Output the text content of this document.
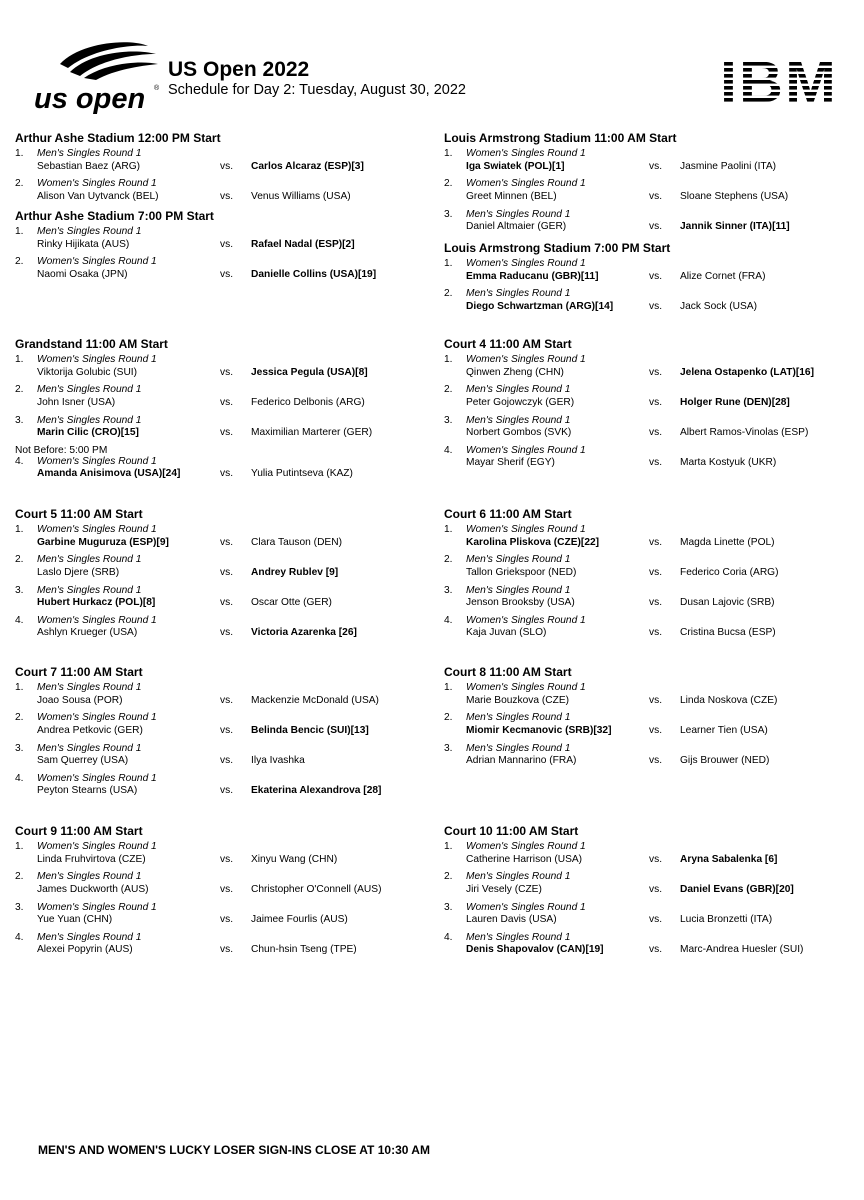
us open ®
US Open 2022
Schedule for Day 2: Tuesday, August 30, 2022	IBM
Arthur Ashe Stadium 12:00 PM Start
1. Men's Singles Round 1
Sebastian Baez (ARG)	vs. Carlos Alcaraz (ESP)[3]
2. Women's Singles Round 1
Alison Van Uytvanck (BEL)	vs. Venus Williams (USA)
Arthur Ashe Stadium 7:00 PM Start
1. Men's Singles Round 1
Rinky Hijikata (AUS)	vs. Rafael Nadal (ESP)[2]
2. Women's Singles Round 1
Naomi Osaka (JPN)	vs. Danielle Collins (USA)[19]
Grandstand 11:00 AM Start
1. Women's Singles Round 1
Viktorija Golubic (SUI)	vs. Jessica Pegula (USA)[8]
2. Men's Singles Round 1
John Isner (USA)	vs. Federico Delbonis (ARG)
3. Men's Singles Round 1
Marin Cilic (CRO)[15]	vs. Maximilian Marterer (GER)
Not Before: 5:00 PM
4. Women's Singles Round 1
Amanda Anisimova (USA)[24]	vs. Yulia Putintseva (KAZ)
Court 5 11:00 AM Start
1. Women's Singles Round 1
Garbine Muguruza (ESP)[9]	vs. Clara Tauson (DEN)
2. Men's Singles Round 1
Laslo Djere (SRB)	vs. Andrey Rublev [9]
3. Men's Singles Round 1
Hubert Hurkacz (POL)[8]	vs. Oscar Otte (GER)
4. Women's Singles Round 1
Ashlyn Krueger (USA)	vs. Victoria Azarenka [26]
Court 7 11:00 AM Start
1. Men's Singles Round 1
Joao Sousa (POR)	vs. Mackenzie McDonald (USA)
2. Women's Singles Round 1
Andrea Petkovic (GER)	vs. Belinda Bencic (SUI)[13]
3. Men's Singles Round 1
Sam Querrey (USA)	vs. Ilya Ivashka
4. Women's Singles Round 1
Peyton Stearns (USA)	vs. Ekaterina Alexandrova [28]
Court 9 11:00 AM Start
1. Women's Singles Round 1
Linda Fruhvirtova (CZE)	vs. Xinyu Wang (CHN)
2. Men's Singles Round 1
James Duckworth (AUS)	vs. Christopher O'Connell (AUS)
3. Women's Singles Round 1
Yue Yuan (CHN)	vs. Jaimee Fourlis (AUS)
4. Men's Singles Round 1
Alexei Popyrin (AUS)	vs. Chun-hsin Tseng (TPE)
Louis Armstrong Stadium 11:00 AM Start
1. Women's Singles Round 1
Iga Swiatek (POL)[1]	vs. Jasmine Paolini (ITA)
2. Women's Singles Round 1
Greet Minnen (BEL)	vs. Sloane Stephens (USA)
3. Men's Singles Round 1
Daniel Altmaier (GER)	vs. Jannik Sinner (ITA)[11]
Louis Armstrong Stadium 7:00 PM Start
1. Women's Singles Round 1
Emma Raducanu (GBR)[11]	vs. Alize Cornet (FRA)
2. Men's Singles Round 1
Diego Schwartzman (ARG)[14]	vs. Jack Sock (USA)
Court 4 11:00 AM Start
1. Women's Singles Round 1
Qinwen Zheng (CHN)	vs. Jelena Ostapenko (LAT)[16]
2. Men's Singles Round 1
Peter Gojowczyk (GER)	vs. Holger Rune (DEN)[28]
3. Men's Singles Round 1
Norbert Gombos (SVK)	vs. Albert Ramos-Vinolas (ESP)
4. Women's Singles Round 1
Mayar Sherif (EGY)	vs. Marta Kostyuk (UKR)
Court 6 11:00 AM Start
1. Women's Singles Round 1
Karolina Pliskova (CZE)[22]	vs. Magda Linette (POL)
2. Men's Singles Round 1
Tallon Griekspoor (NED)	vs. Federico Coria (ARG)
3. Men's Singles Round 1
Jenson Brooksby (USA)	vs. Dusan Lajovic (SRB)
4. Women's Singles Round 1
Kaja Juvan (SLO)	vs. Cristina Bucsa (ESP)
Court 8 11:00 AM Start
1. Women's Singles Round 1
Marie Bouzkova (CZE)	vs. Linda Noskova (CZE)
2. Men's Singles Round 1
Miomir Kecmanovic (SRB)[32]	vs. Learner Tien (USA)
3. Men's Singles Round 1
Adrian Mannarino (FRA)	vs. Gijs Brouwer (NED)
Court 10 11:00 AM Start
1. Women's Singles Round 1
Catherine Harrison (USA)	vs. Aryna Sabalenka [6]
2. Men's Singles Round 1
Jiri Vesely (CZE)	vs. Daniel Evans (GBR)[20]
3. Women's Singles Round 1
Lauren Davis (USA)	vs. Lucia Bronzetti (ITA)
4. Men's Singles Round 1
Denis Shapovalov (CAN)[19]	vs. Marc-Andrea Huesler (SUI)
MEN'S AND WOMEN'S LUCKY LOSER SIGN-INS CLOSE AT 10:30 AM
